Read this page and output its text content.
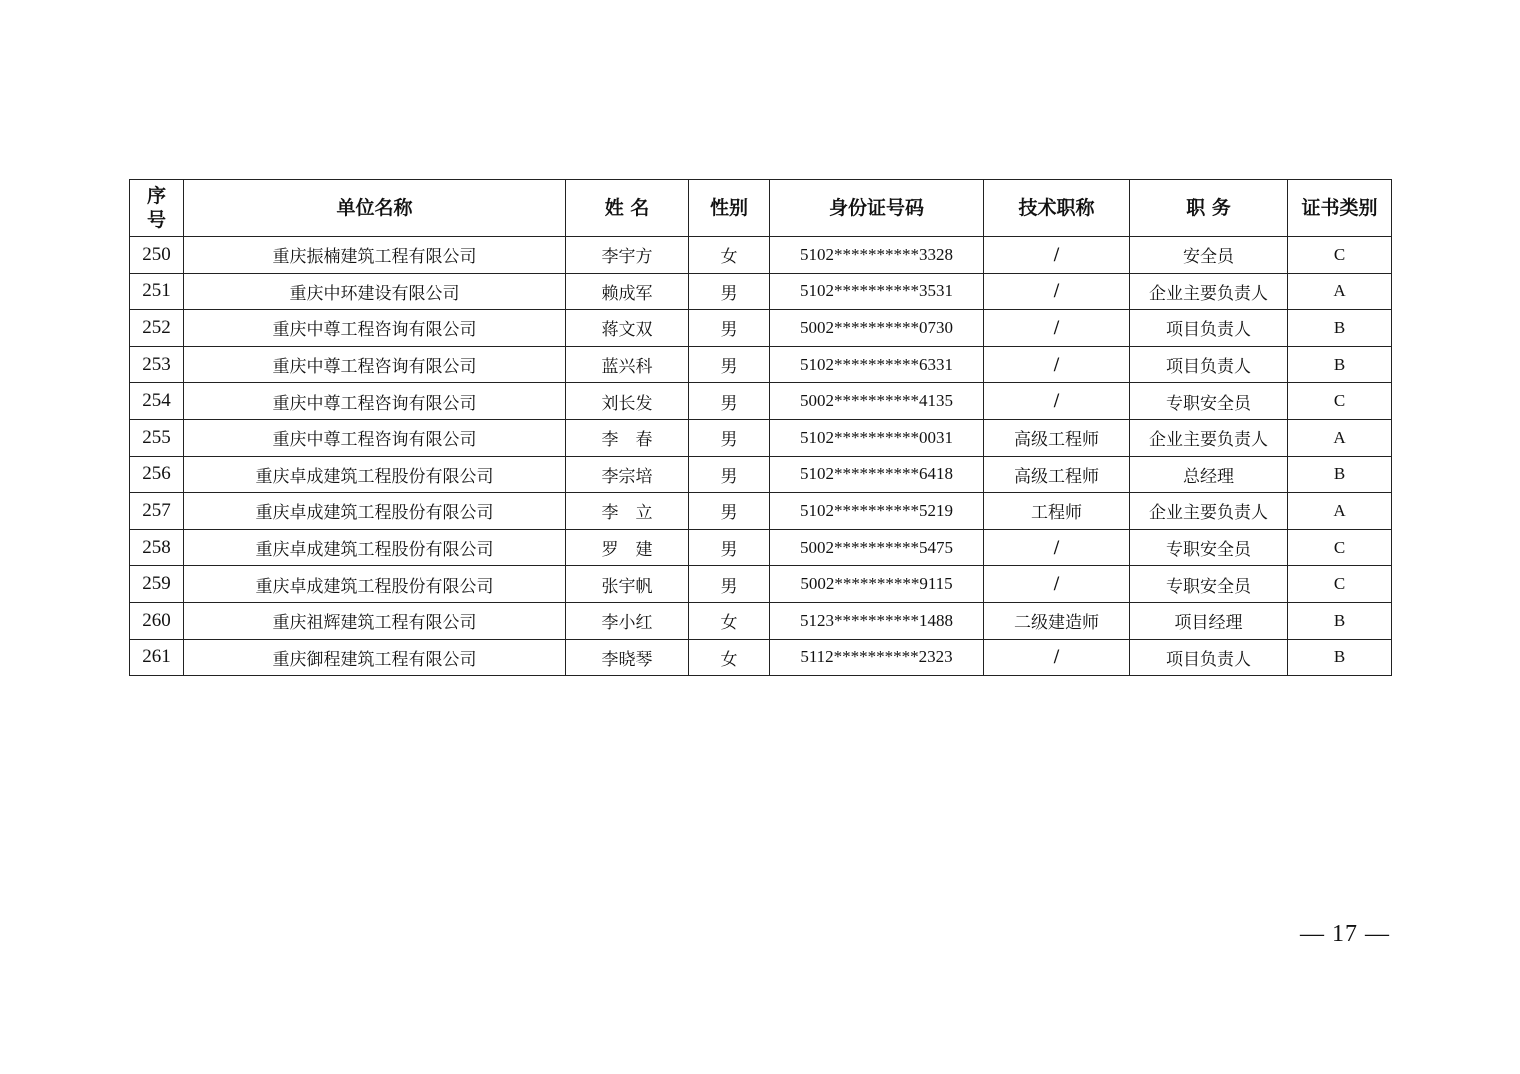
序
号	单位名称	姓 名	性别	身份证号码	技术职称	职 务	证书类别
250	重庆振楠建筑工程有限公司	李宇方	女	5102**********3328	/	安全员	C
251	重庆中环建设有限公司	赖成军	男	5102**********3531	/	企业主要负责人	A
252	重庆中尊工程咨询有限公司	蒋文双	男	5002**********0730	/	项目负责人	B
253	重庆中尊工程咨询有限公司	蓝兴科	男	5102**********6331	/	项目负责人	B
254	重庆中尊工程咨询有限公司	刘长发	男	5002**********4135	/	专职安全员	C
255	重庆中尊工程咨询有限公司	李　春	男	5102**********0031	高级工程师	企业主要负责人	A
256	重庆卓成建筑工程股份有限公司	李宗培	男	5102**********6418	高级工程师	总经理	B
257	重庆卓成建筑工程股份有限公司	李　立	男	5102**********5219	工程师	企业主要负责人	A
258	重庆卓成建筑工程股份有限公司	罗　建	男	5002**********5475	/	专职安全员	C
259	重庆卓成建筑工程股份有限公司	张宇帆	男	5002**********9115	/	专职安全员	C
260	重庆祖辉建筑工程有限公司	李小红	女	5123**********1488	二级建造师	项目经理	B
261	重庆御程建筑工程有限公司	李晓琴	女	5112**********2323	/	项目负责人	B
— 17 —
